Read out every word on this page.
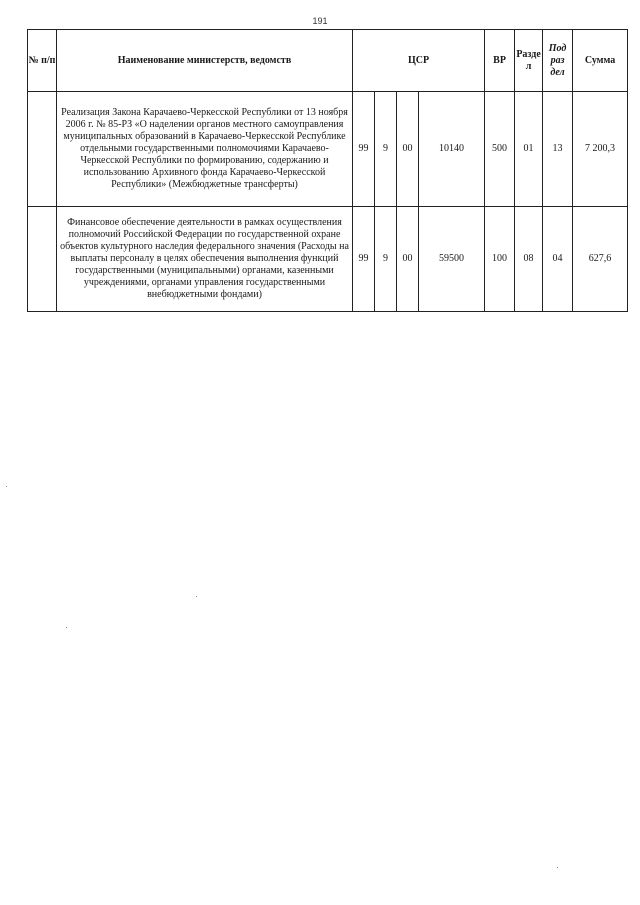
191
№ п/п	Наименование министерств, ведомств	ЦСР				ВР	Разде л	Под раз дел	Сумма
	Реализация Закона Карачаево-Черкесской Республики от 13 ноября 2006 г. № 85-РЗ «О наделении органов местного самоуправления муниципальных образований в Карачаево-Черкесской Республике отдельными государственными полномочиями Карачаево-Черкесской Республики по формированию, содержанию и использованию Архивного фонда Карачаево-Черкесской Республики» (Межбюджетные трансферты)	99	9	00	10140	500	01	13	7 200,3
	Финансовое обеспечение деятельности в рамках осуществления полномочий Российской Федерации по государственной охране объектов культурного наследия федерального значения (Расходы на выплаты персоналу в целях обеспечения выполнения функций государственными (муниципальными) органами, казенными учреждениями, органами управления государственными внебюджетными фондами)	99	9	00	59500	100	08	04	627,6
